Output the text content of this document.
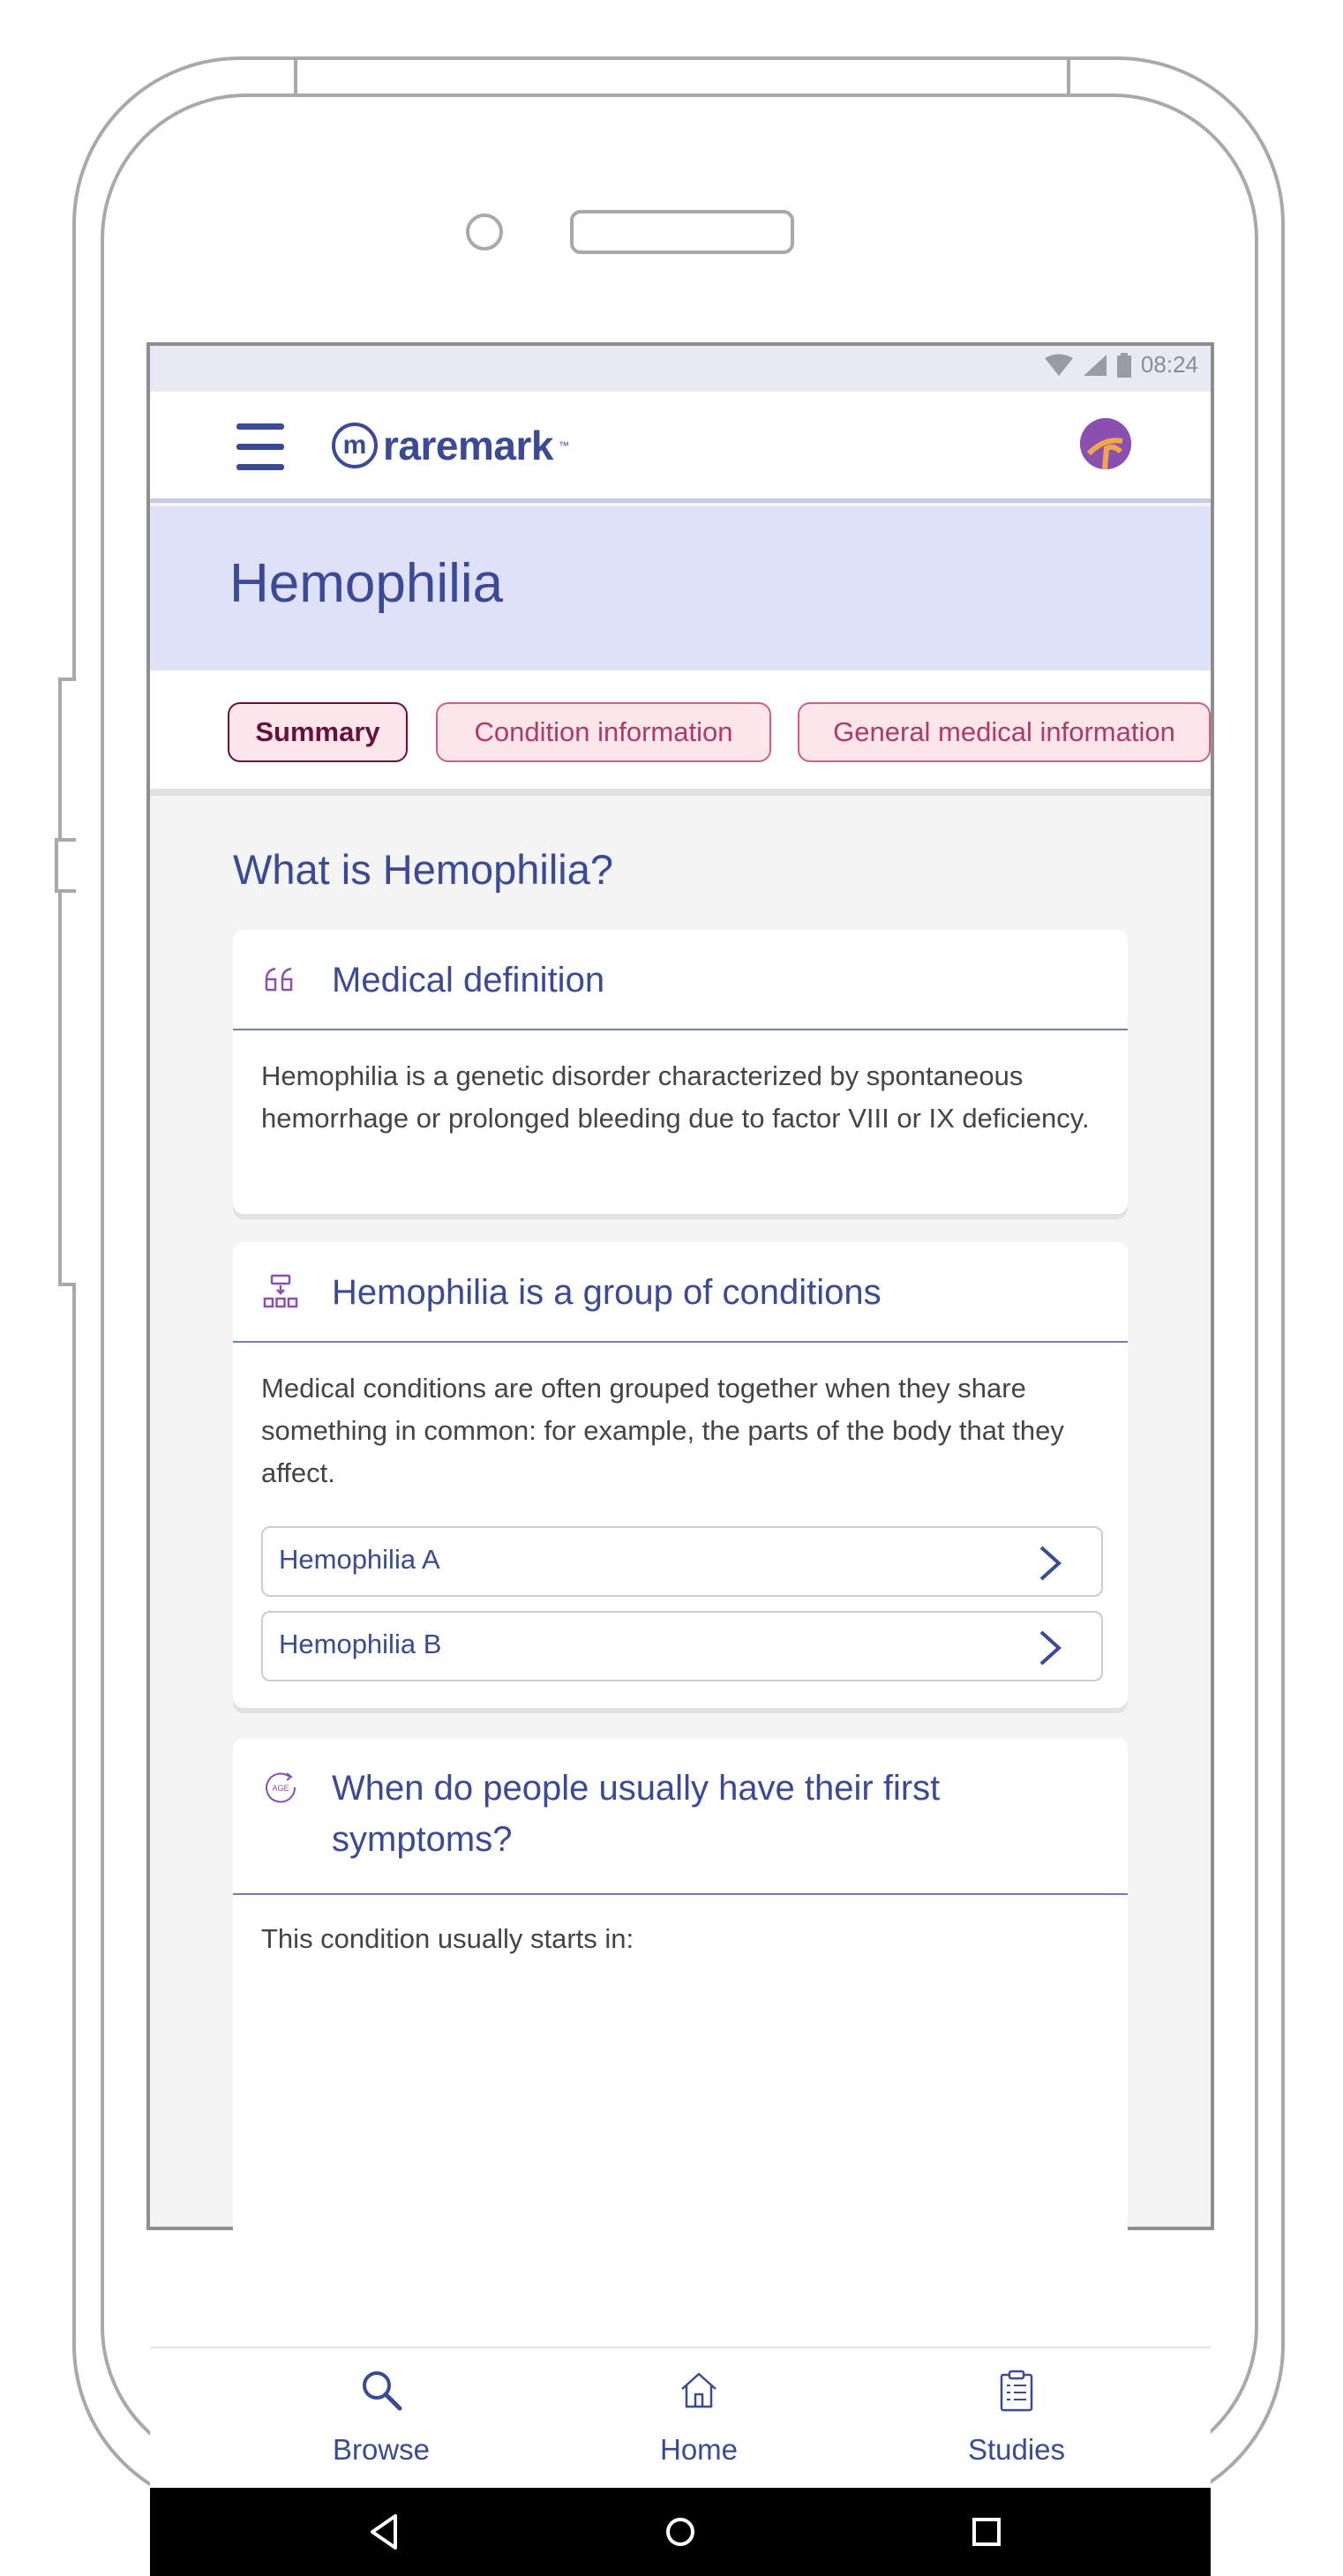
08:24
m raremark ™
Hemophilia
Summary	Condition information	General medical information
What is Hemophilia?
Medical definition
Hemophilia is a genetic disorder characterized by spontaneous hemorrhage or prolonged bleeding due to factor VIII or IX deficiency.
Hemophilia is a group of conditions
Medical conditions are often grouped together when they share something in common: for example, the parts of the body that they affect.
Hemophilia A
Hemophilia B
AGE When do people usually have their first symptoms?
This condition usually starts in:
Browse	Home	Studies
